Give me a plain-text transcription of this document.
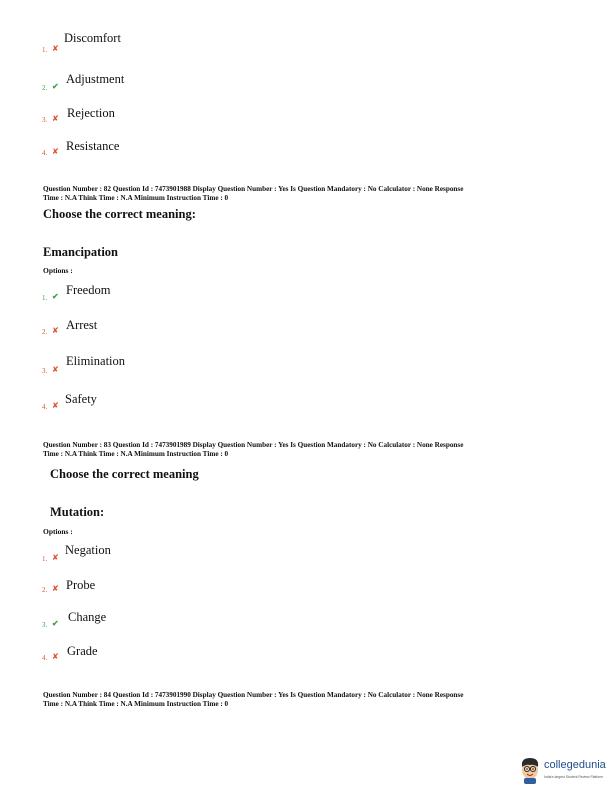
1. ✘
Discomfort
2. ✔
Adjustment
3. ✘ Rejection
4. ✘ Resistance
Question Number : 82 Question Id : 7473901988 Display Question Number : Yes Is Question Mandatory : No Calculator : None Response
Time : N.A Think Time : N.A Minimum Instruction Time : 0
Choose the correct meaning:
Emancipation
Options :
1. ✔ Freedom
2. ✘ Arrest
3. ✘
Elimination
4. ✘ Safety
Question Number : 83 Question Id : 7473901989 Display Question Number : Yes Is Question Mandatory : No Calculator : None Response
Time : N.A Think Time : N.A Minimum Instruction Time : 0
Choose the correct meaning
Mutation:
Options :
1. ✘
Negation
2. ✘ Probe
3. ✔ Change
4. ✘ Grade
Question Number : 84 Question Id : 7473901990 Display Question Number : Yes Is Question Mandatory : No Calculator : None Response
Time : N.A Think Time : N.A Minimum Instruction Time : 0
collegedunia
India's largest Student Review Platform
